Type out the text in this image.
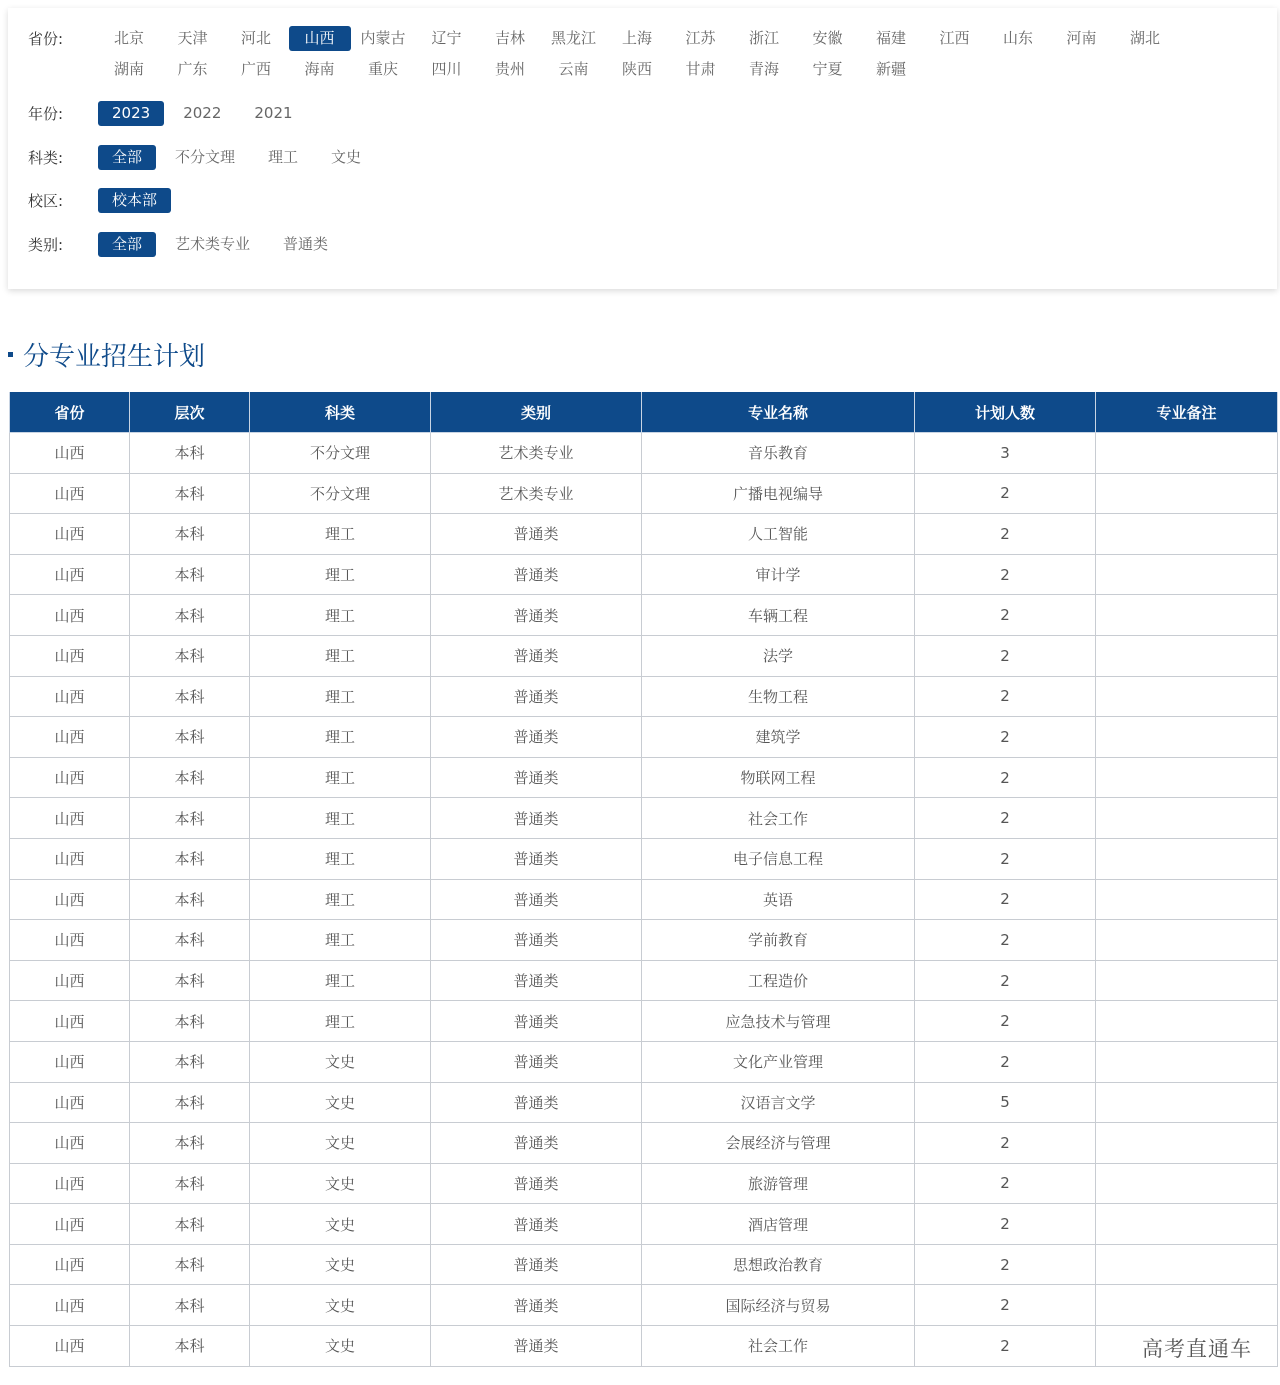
省份:	北京	天津	河北	山西	内蒙古	辽宁	吉林	黑龙江	上海	江苏	浙江	安徽	福建	江西	山东	河南	湖北
湖南	广东	广西	海南	重庆	四川	贵州	云南	陕西	甘肃	青海	宁夏	新疆
年份:	2023	2022	2021
科类:	全部	不分文理	理工	文史
校区:	校本部
类别:	全部	艺术类专业	普通类
分专业招生计划
省份	层次	科类	类别	专业名称	计划人数	专业备注
山西	本科	不分文理	艺术类专业	音乐教育	3	
山西	本科	不分文理	艺术类专业	广播电视编导	2	
山西	本科	理工	普通类	人工智能	2	
山西	本科	理工	普通类	审计学	2	
山西	本科	理工	普通类	车辆工程	2	
山西	本科	理工	普通类	法学	2	
山西	本科	理工	普通类	生物工程	2	
山西	本科	理工	普通类	建筑学	2	
山西	本科	理工	普通类	物联网工程	2	
山西	本科	理工	普通类	社会工作	2	
山西	本科	理工	普通类	电子信息工程	2	
山西	本科	理工	普通类	英语	2	
山西	本科	理工	普通类	学前教育	2	
山西	本科	理工	普通类	工程造价	2	
山西	本科	理工	普通类	应急技术与管理	2	
山西	本科	文史	普通类	文化产业管理	2	
山西	本科	文史	普通类	汉语言文学	5	
山西	本科	文史	普通类	会展经济与管理	2	
山西	本科	文史	普通类	旅游管理	2	
山西	本科	文史	普通类	酒店管理	2	
山西	本科	文史	普通类	思想政治教育	2	
山西	本科	文史	普通类	国际经济与贸易	2	
山西	本科	文史	普通类	社会工作	2		高考直通车
